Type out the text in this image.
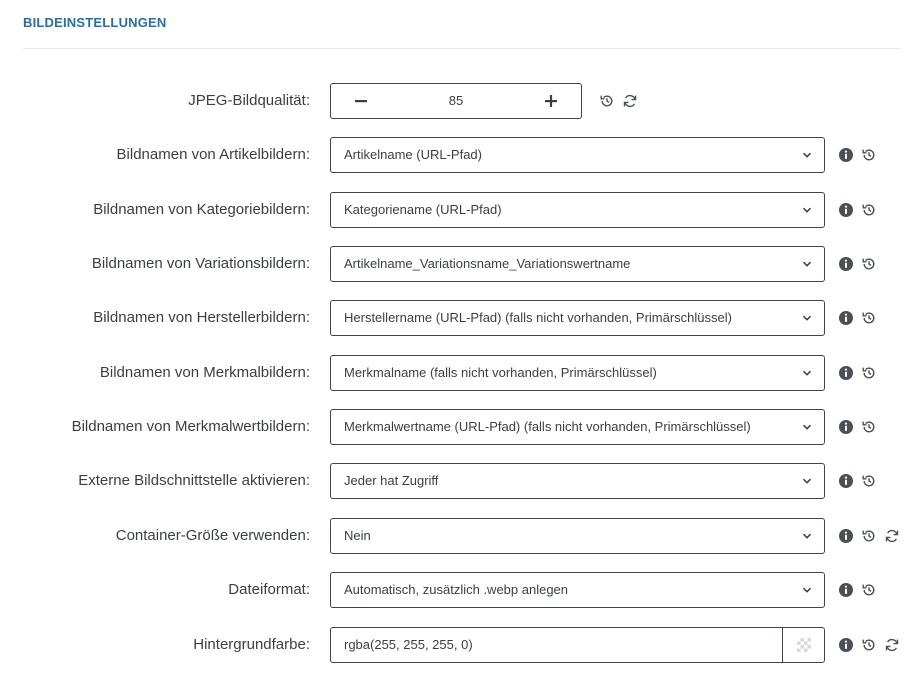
BILDEINSTELLUNGEN
JPEG-Bildqualität:	85
Bildnamen von Artikelbildern:	Artikelname (URL-Pfad)
Bildnamen von Kategoriebildern:	Kategoriename (URL-Pfad)
Bildnamen von Variationsbildern:	Artikelname_Variationsname_Variationswertname
Bildnamen von Herstellerbildern:	Herstellername (URL-Pfad) (falls nicht vorhanden, Primärschlüssel)
Bildnamen von Merkmalbildern:	Merkmalname (falls nicht vorhanden, Primärschlüssel)
Bildnamen von Merkmalwertbildern:	Merkmalwertname (URL-Pfad) (falls nicht vorhanden, Primärschlüssel)
Externe Bildschnittstelle aktivieren:	Jeder hat Zugriff
Container-Größe verwenden:	Nein
Dateiformat:	Automatisch, zusätzlich .webp anlegen
Hintergrundfarbe:	rgba(255, 255, 255, 0)
